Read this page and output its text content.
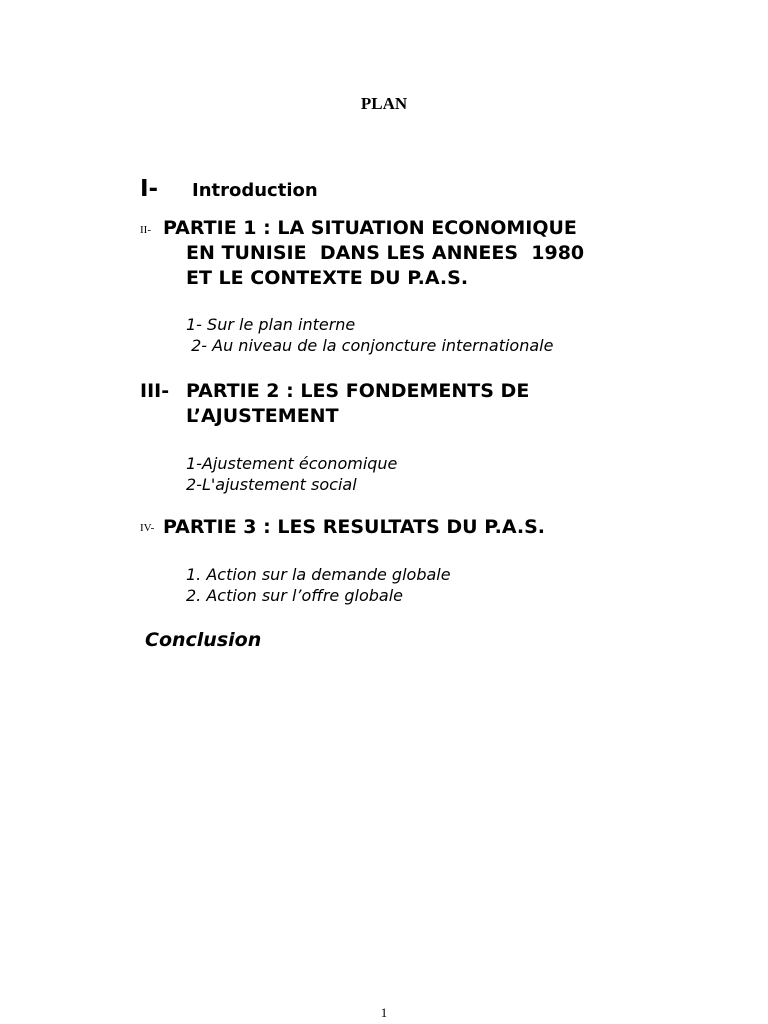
PLAN
I- Introduction
II- PARTIE 1 : LA SITUATION ECONOMIQUE
EN TUNISIE  DANS LES ANNEES  1980
ET LE CONTEXTE DU P.A.S.
1- Sur le plan interne
2- Au niveau de la conjoncture internationale
III- PARTIE 2 : LES FONDEMENTS DE
L’AJUSTEMENT
1-Ajustement économique
2-L'ajustement social
IV- PARTIE 3 : LES RESULTATS DU P.A.S.
1. Action sur la demande globale
2. Action sur l’offre globale
Conclusion
1
